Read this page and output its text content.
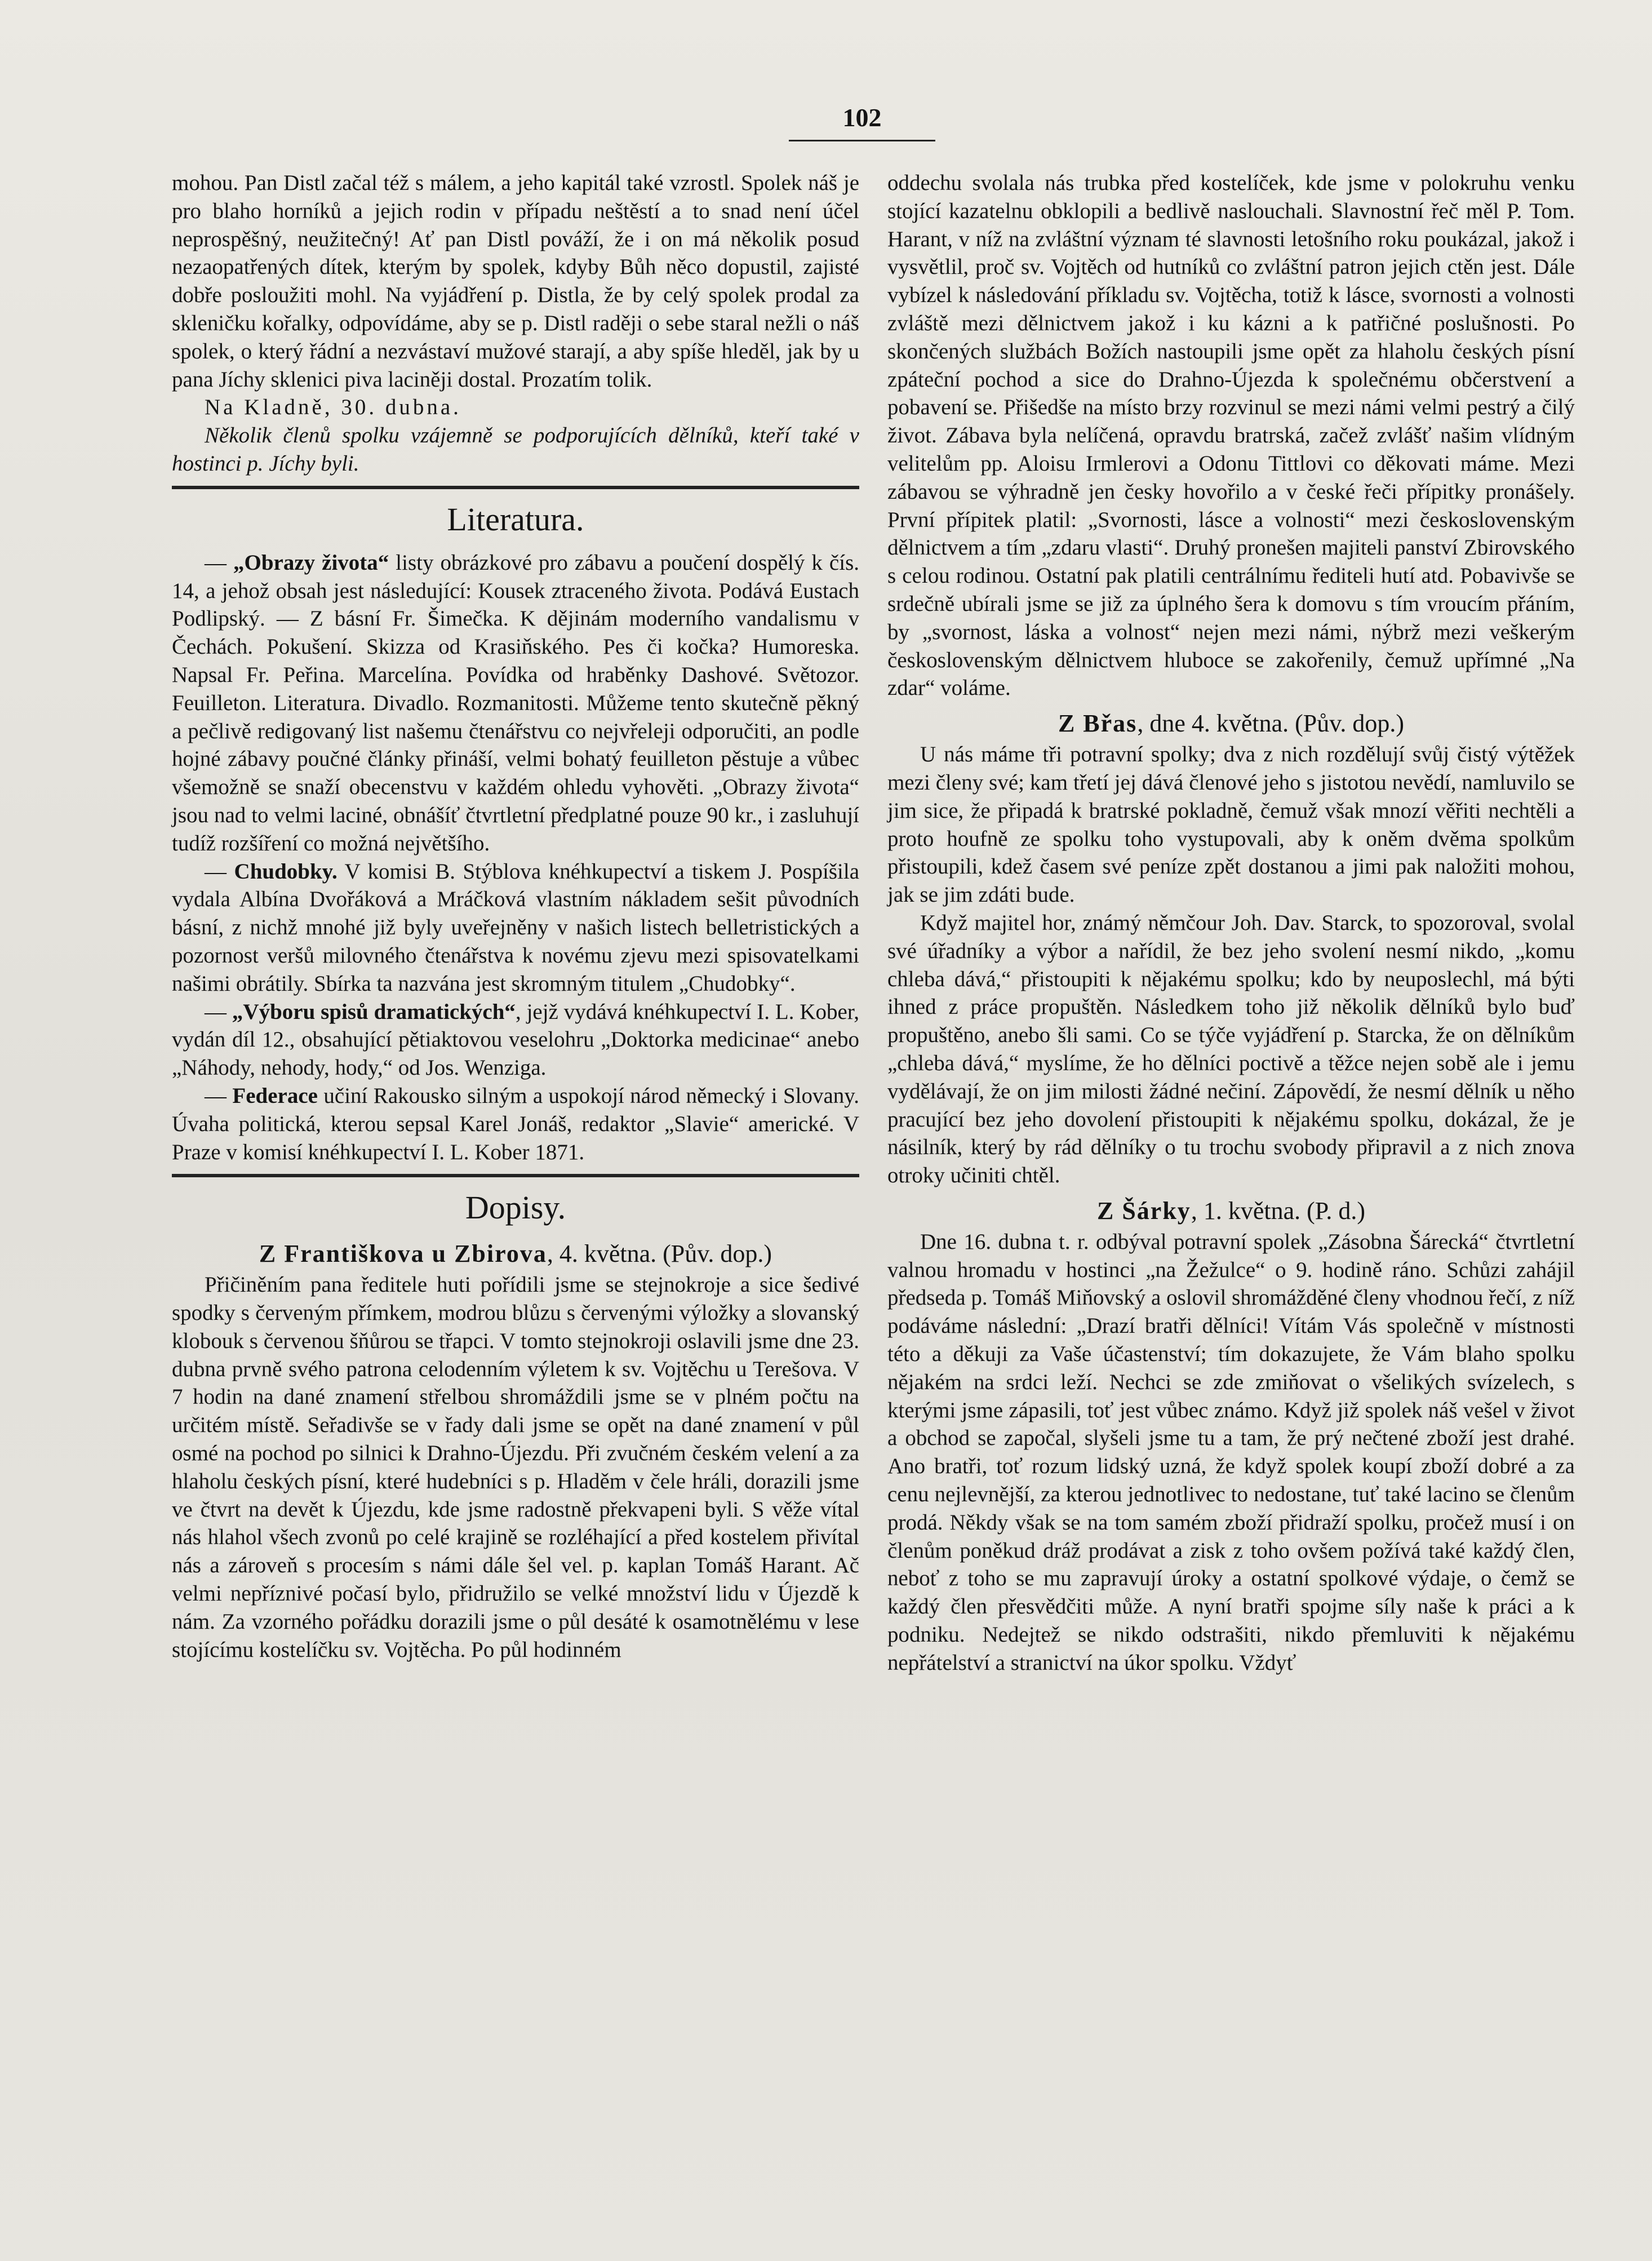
102

mohou. Pan Distl začal též s málem, a jeho kapitál také vzrostl. Spolek náš je pro blaho horníků a jejich rodin v případu neštěstí a to snad není účel neprospěšný, neužitečný! Ať pan Distl pováží, že i on má několik posud nezaopatřených dítek, kterým by spolek, kdyby Bůh něco dopustil, zajisté dobře posloužiti mohl. Na vyjádření p. Distla, že by celý spolek prodal za skleničku kořalky, odpovídáme, aby se p. Distl raději o sebe staral nežli o náš spolek, o který řádní a nezvástaví mužové starají, a aby spíše hleděl, jak by u pana Jíchy sklenici piva laciněji dostal. Prozatím tolik.

Na Kladně, 30. dubna.

Několik členů spolku vzájemně se podporujících dělníků, kteří také v hostinci p. Jíchy byli.

Literatura.

— „Obrazy života“ listy obrázkové pro zábavu a poučení dospělý k čís. 14, a jehož obsah jest následující: Kousek ztraceného života. Podává Eustach Podlipský. — Z básní Fr. Šimečka. K dějinám moderního vandalismu v Čechách. Pokušení. Skizza od Krasiňského. Pes či kočka? Humoreska. Napsal Fr. Peřina. Marcelína. Povídka od hraběnky Dashové. Světozor. Feuilleton. Literatura. Divadlo. Rozmanitosti. Můžeme tento skutečně pěkný a pečlivě redigovaný list našemu čtenářstvu co nejvřeleji odporučiti, an podle hojné zábavy poučné články přináší, velmi bohatý feuilleton pěstuje a vůbec všemožně se snaží obecenstvu v každém ohledu vyhověti. „Obrazy života“ jsou nad to velmi laciné, obnášíť čtvrtletní předplatné pouze 90 kr., i zasluhují tudíž rozšíření co možná největšího.

— Chudobky. V komisi B. Stýblova knéhkupectví a tiskem J. Pospíšila vydala Albína Dvořáková a Mráčková vlastním nákladem sešit původních básní, z nichž mnohé již byly uveřejněny v našich listech belletristických a pozornost veršů milovného čtenářstva k novému zjevu mezi spisovatelkami našimi obrátily. Sbírka ta nazvána jest skromným titulem „Chudobky“.

— „Výboru spisů dramatických“, jejž vydává knéhkupectví I. L. Kober, vydán díl 12., obsahující pětiaktovou veselohru „Doktorka medicinae“ anebo „Náhody, nehody, hody,“ od Jos. Wenziga.

— Federace učiní Rakousko silným a uspokojí národ německý i Slovany. Úvaha politická, kterou sepsal Karel Jonáš, redaktor „Slavie“ americké. V Praze v komisí knéhkupectví I. L. Kober 1871.

Dopisy.
Z Františkova u Zbirova, 4. května. (Pův. dop.)

Přičiněním pana ředitele huti pořídili jsme se stejnokroje a sice šedivé spodky s červeným přímkem, modrou blůzu s červenými výložky a slovanský klobouk s červenou šňůrou se třapci. V tomto stejnokroji oslavili jsme dne 23. dubna prvně svého patrona celodenním výletem k sv. Vojtěchu u Terešova. V 7 hodin na dané znamení střelbou shromáždili jsme se v plném počtu na určitém místě. Seřadivše se v řady dali jsme se opět na dané znamení v půl osmé na pochod po silnici k Drahno-Újezdu. Při zvučném českém velení a za hlaholu českých písní, které hudebníci s p. Hladěm v čele hráli, dorazili jsme ve čtvrt na devět k Újezdu, kde jsme radostně překvapeni byli. S věže vítal nás hlahol všech zvonů po celé krajině se rozléhající a před kostelem přivítal nás a zároveň s procesím s námi dále šel vel. p. kaplan Tomáš Harant. Ač velmi nepříznivé počasí bylo, přidružilo se velké množství lidu v Újezdě k nám. Za vzorného pořádku dorazili jsme o půl desáté k osamotnělému v lese stojícímu kostelíčku sv. Vojtěcha. Po půl hodinném

oddechu svolala nás trubka před kostelíček, kde jsme v polokruhu venku stojící kazatelnu obklopili a bedlivě naslouchali. Slavnostní řeč měl P. Tom. Harant, v níž na zvláštní význam té slavnosti letošního roku poukázal, jakož i vysvětlil, proč sv. Vojtěch od hutníků co zvláštní patron jejich ctěn jest. Dále vybízel k následování příkladu sv. Vojtěcha, totiž k lásce, svornosti a volnosti zvláště mezi dělnictvem jakož i ku kázni a k patřičné poslušnosti. Po skončených službách Božích nastoupili jsme opět za hlaholu českých písní zpáteční pochod a sice do Drahno-Újezda k společnému občerstvení a pobavení se. Přišedše na místo brzy rozvinul se mezi námi velmi pestrý a čilý život. Zábava byla nelíčená, opravdu bratrská, začež zvlášť našim vlídným velitelům pp. Aloisu Irmlerovi a Odonu Tittlovi co děkovati máme. Mezi zábavou se výhradně jen česky hovořilo a v české řeči přípitky pronášely. První přípitek platil: „Svornosti, lásce a volnosti“ mezi československým dělnictvem a tím „zdaru vlasti“. Druhý pronešen majiteli panství Zbirovského s celou rodinou. Ostatní pak platili centrálnímu řediteli hutí atd. Pobavivše se srdečně ubírali jsme se již za úplného šera k domovu s tím vroucím přáním, by „svornost, láska a volnost“ nejen mezi námi, nýbrž mezi veškerým československým dělnictvem hluboce se zakořenily, čemuž upřímné „Na zdar“ voláme.

Z Břas, dne 4. května. (Pův. dop.)

U nás máme tři potravní spolky; dva z nich rozdělují svůj čistý výtěžek mezi členy své; kam třetí jej dává členové jeho s jistotou nevědí, namluvilo se jim sice, že připadá k bratrské pokladně, čemuž však mnozí věřiti nechtěli a proto houfně ze spolku toho vystupovali, aby k oněm dvěma spolkům přistoupili, kdež časem své peníze zpět dostanou a jimi pak naložiti mohou, jak se jim zdáti bude.

Když majitel hor, známý němčour Joh. Dav. Starck, to spozoroval, svolal své úřadníky a výbor a nařídil, že bez jeho svolení nesmí nikdo, „komu chleba dává,“ přistoupiti k nějakému spolku; kdo by neuposlechl, má býti ihned z práce propuštěn. Následkem toho již několik dělníků bylo buď propuštěno, anebo šli sami. Co se týče vyjádření p. Starcka, že on dělníkům „chleba dává,“ myslíme, že ho dělníci poctivě a těžce nejen sobě ale i jemu vydělávají, že on jim milosti žádné nečiní. Zápovědí, že nesmí dělník u něho pracující bez jeho dovolení přistoupiti k nějakému spolku, dokázal, že je násilník, který by rád dělníky o tu trochu svobody připravil a z nich znova otroky učiniti chtěl.

Z Šárky, 1. května. (P. d.)

Dne 16. dubna t. r. odbýval potravní spolek „Zásobna Šárecká“ čtvrtletní valnou hromadu v hostinci „na Žežulce“ o 9. hodině ráno. Schůzi zahájil předseda p. Tomáš Miňovský a oslovil shromážděné členy vhodnou řečí, z níž podáváme následní: „Drazí bratři dělníci! Vítám Vás společně v místnosti této a děkuji za Vaše účastenství; tím dokazujete, že Vám blaho spolku nějakém na srdci leží. Nechci se zde zmiňovat o všelikých svízelech, s kterými jsme zápasili, toť jest vůbec známo. Když již spolek náš vešel v život a obchod se započal, slyšeli jsme tu a tam, že prý nečtené zboží jest drahé. Ano bratři, toť rozum lidský uzná, že když spolek koupí zboží dobré a za cenu nejlevnější, za kterou jednotlivec to nedostane, tuť také lacino se členům prodá. Někdy však se na tom samém zboží přidraží spolku, pročež musí i on členům poněkud dráž prodávat a zisk z toho ovšem požívá také každý člen, neboť z toho se mu zapravují úroky a ostatní spolkové výdaje, o čemž se každý člen přesvědčiti může. A nyní bratři spojme síly naše k práci a k podniku. Nedejtež se nikdo odstrašiti, nikdo přemluviti k nějakému nepřátelství a stranictví na úkor spolku. Vždyť
